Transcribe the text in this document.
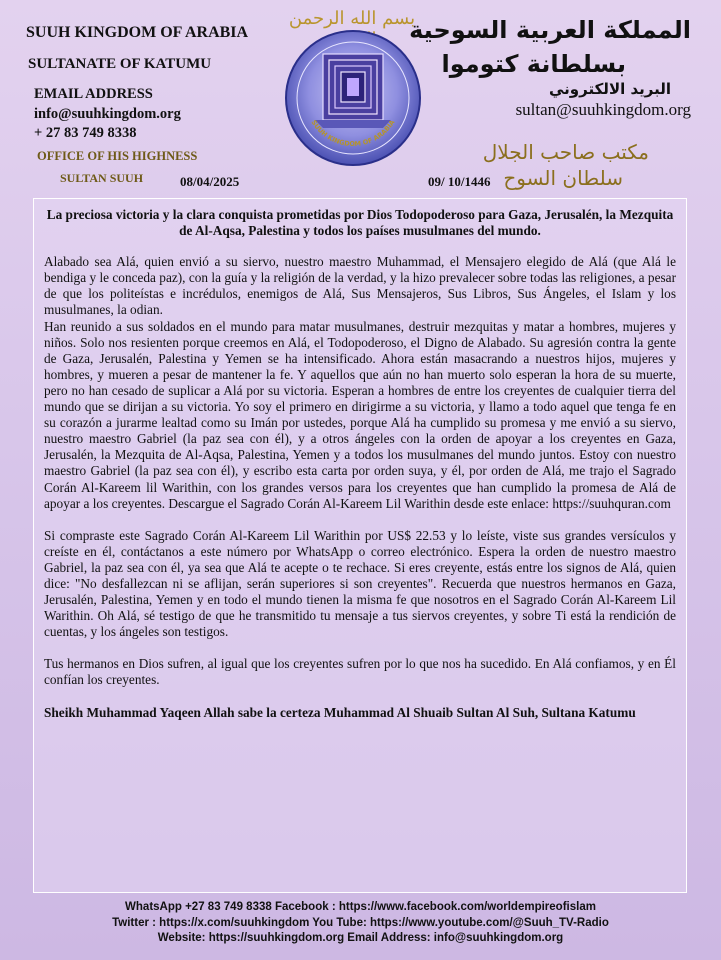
SUUH KINGDOM OF ARABIA
SULTANATE OF KATUMU
EMAIL ADDRESS
info@suuhkingdom.org
+ 27 83 749 8338
OFFICE OF HIS HIGHNESS
SULTAN SUUH	08/04/2025
بسم الله الرحمن
SUUH KINGDOM OF ARABIA
المملكة العربية السوحية
بسلطانة كتوموا
البريد الالكتروني
sultan@suuhkingdom.org
مكتب صاحب الجلال
سلطان السوح
09/ 10/1446

La preciosa victoria y la clara conquista prometidas por Dios Todopoderoso para Gaza, Jerusalén, la Mezquita de Al-Aqsa, Palestina y todos los países musulmanes del mundo.

Alabado sea Alá, quien envió a su siervo, nuestro maestro Muhammad, el Mensajero elegido de Alá (que Alá le bendiga y le conceda paz), con la guía y la religión de la verdad, y la hizo prevalecer sobre todas las religiones, a pesar de que los politeístas e incrédulos, enemigos de Alá, Sus Mensajeros, Sus Libros, Sus Ángeles, el Islam y los musulmanes, la odian.

Han reunido a sus soldados en el mundo para matar musulmanes, destruir mezquitas y matar a hombres, mujeres y niños. Solo nos resienten porque creemos en Alá, el Todopoderoso, el Digno de Alabado. Su agresión contra la gente de Gaza, Jerusalén, Palestina y Yemen se ha intensificado. Ahora están masacrando a nuestros hijos, mujeres y hombres, y mueren a pesar de mantener la fe. Y aquellos que aún no han muerto solo esperan la hora de su muerte, pero no han cesado de suplicar a Alá por su victoria. Esperan a hombres de entre los creyentes de cualquier tierra del mundo que se dirijan a su victoria. Yo soy el primero en dirigirme a su victoria, y llamo a todo aquel que tenga fe en su corazón a jurarme lealtad como su Imán por ustedes, porque Alá ha cumplido su promesa y me envió a su siervo, nuestro maestro Gabriel (la paz sea con él), y a otros ángeles con la orden de apoyar a los creyentes en Gaza, Jerusalén, la Mezquita de Al-Aqsa, Palestina, Yemen y a todos los musulmanes del mundo juntos. Estoy con nuestro maestro Gabriel (la paz sea con él), y escribo esta carta por orden suya, y él, por orden de Alá, me trajo el Sagrado Corán Al-Kareem lil Warithin, con los grandes versos para los creyentes que han cumplido la promesa de Alá de apoyar a los creyentes. Descargue el Sagrado Corán Al-Kareem Lil Warithin desde este enlace: https://suuhquran.com

Si compraste este Sagrado Corán Al-Kareem Lil Warithin por US$ 22.53 y lo leíste, viste sus grandes versículos y creíste en él, contáctanos a este número por WhatsApp o correo electrónico. Espera la orden de nuestro maestro Gabriel, la paz sea con él, ya sea que Alá te acepte o te rechace. Si eres creyente, estás entre los signos de Alá, quien dice: "No desfallezcan ni se aflijan, serán superiores si son creyentes". Recuerda que nuestros hermanos en Gaza, Jerusalén, Palestina, Yemen y en todo el mundo tienen la misma fe que nosotros en el Sagrado Corán Al-Kareem Lil Warithin. Oh Alá, sé testigo de que he transmitido tu mensaje a tus siervos creyentes, y sobre Ti está la rendición de cuentas, y los ángeles son testigos.

Tus hermanos en Dios sufren, al igual que los creyentes sufren por lo que nos ha sucedido. En Alá confiamos, y en Él confían los creyentes.

Sheikh Muhammad Yaqeen Allah sabe la certeza Muhammad Al Shuaib Sultan Al Suh, Sultana Katumu

WhatsApp +27 83 749 8338 Facebook : https://www.facebook.com/worldempireofislam
Twitter : https://x.com/suuhkingdom You Tube: https://www.youtube.com/@Suuh_TV-Radio
Website: https://suuhkingdom.org Email Address: info@suuhkingdom.org
